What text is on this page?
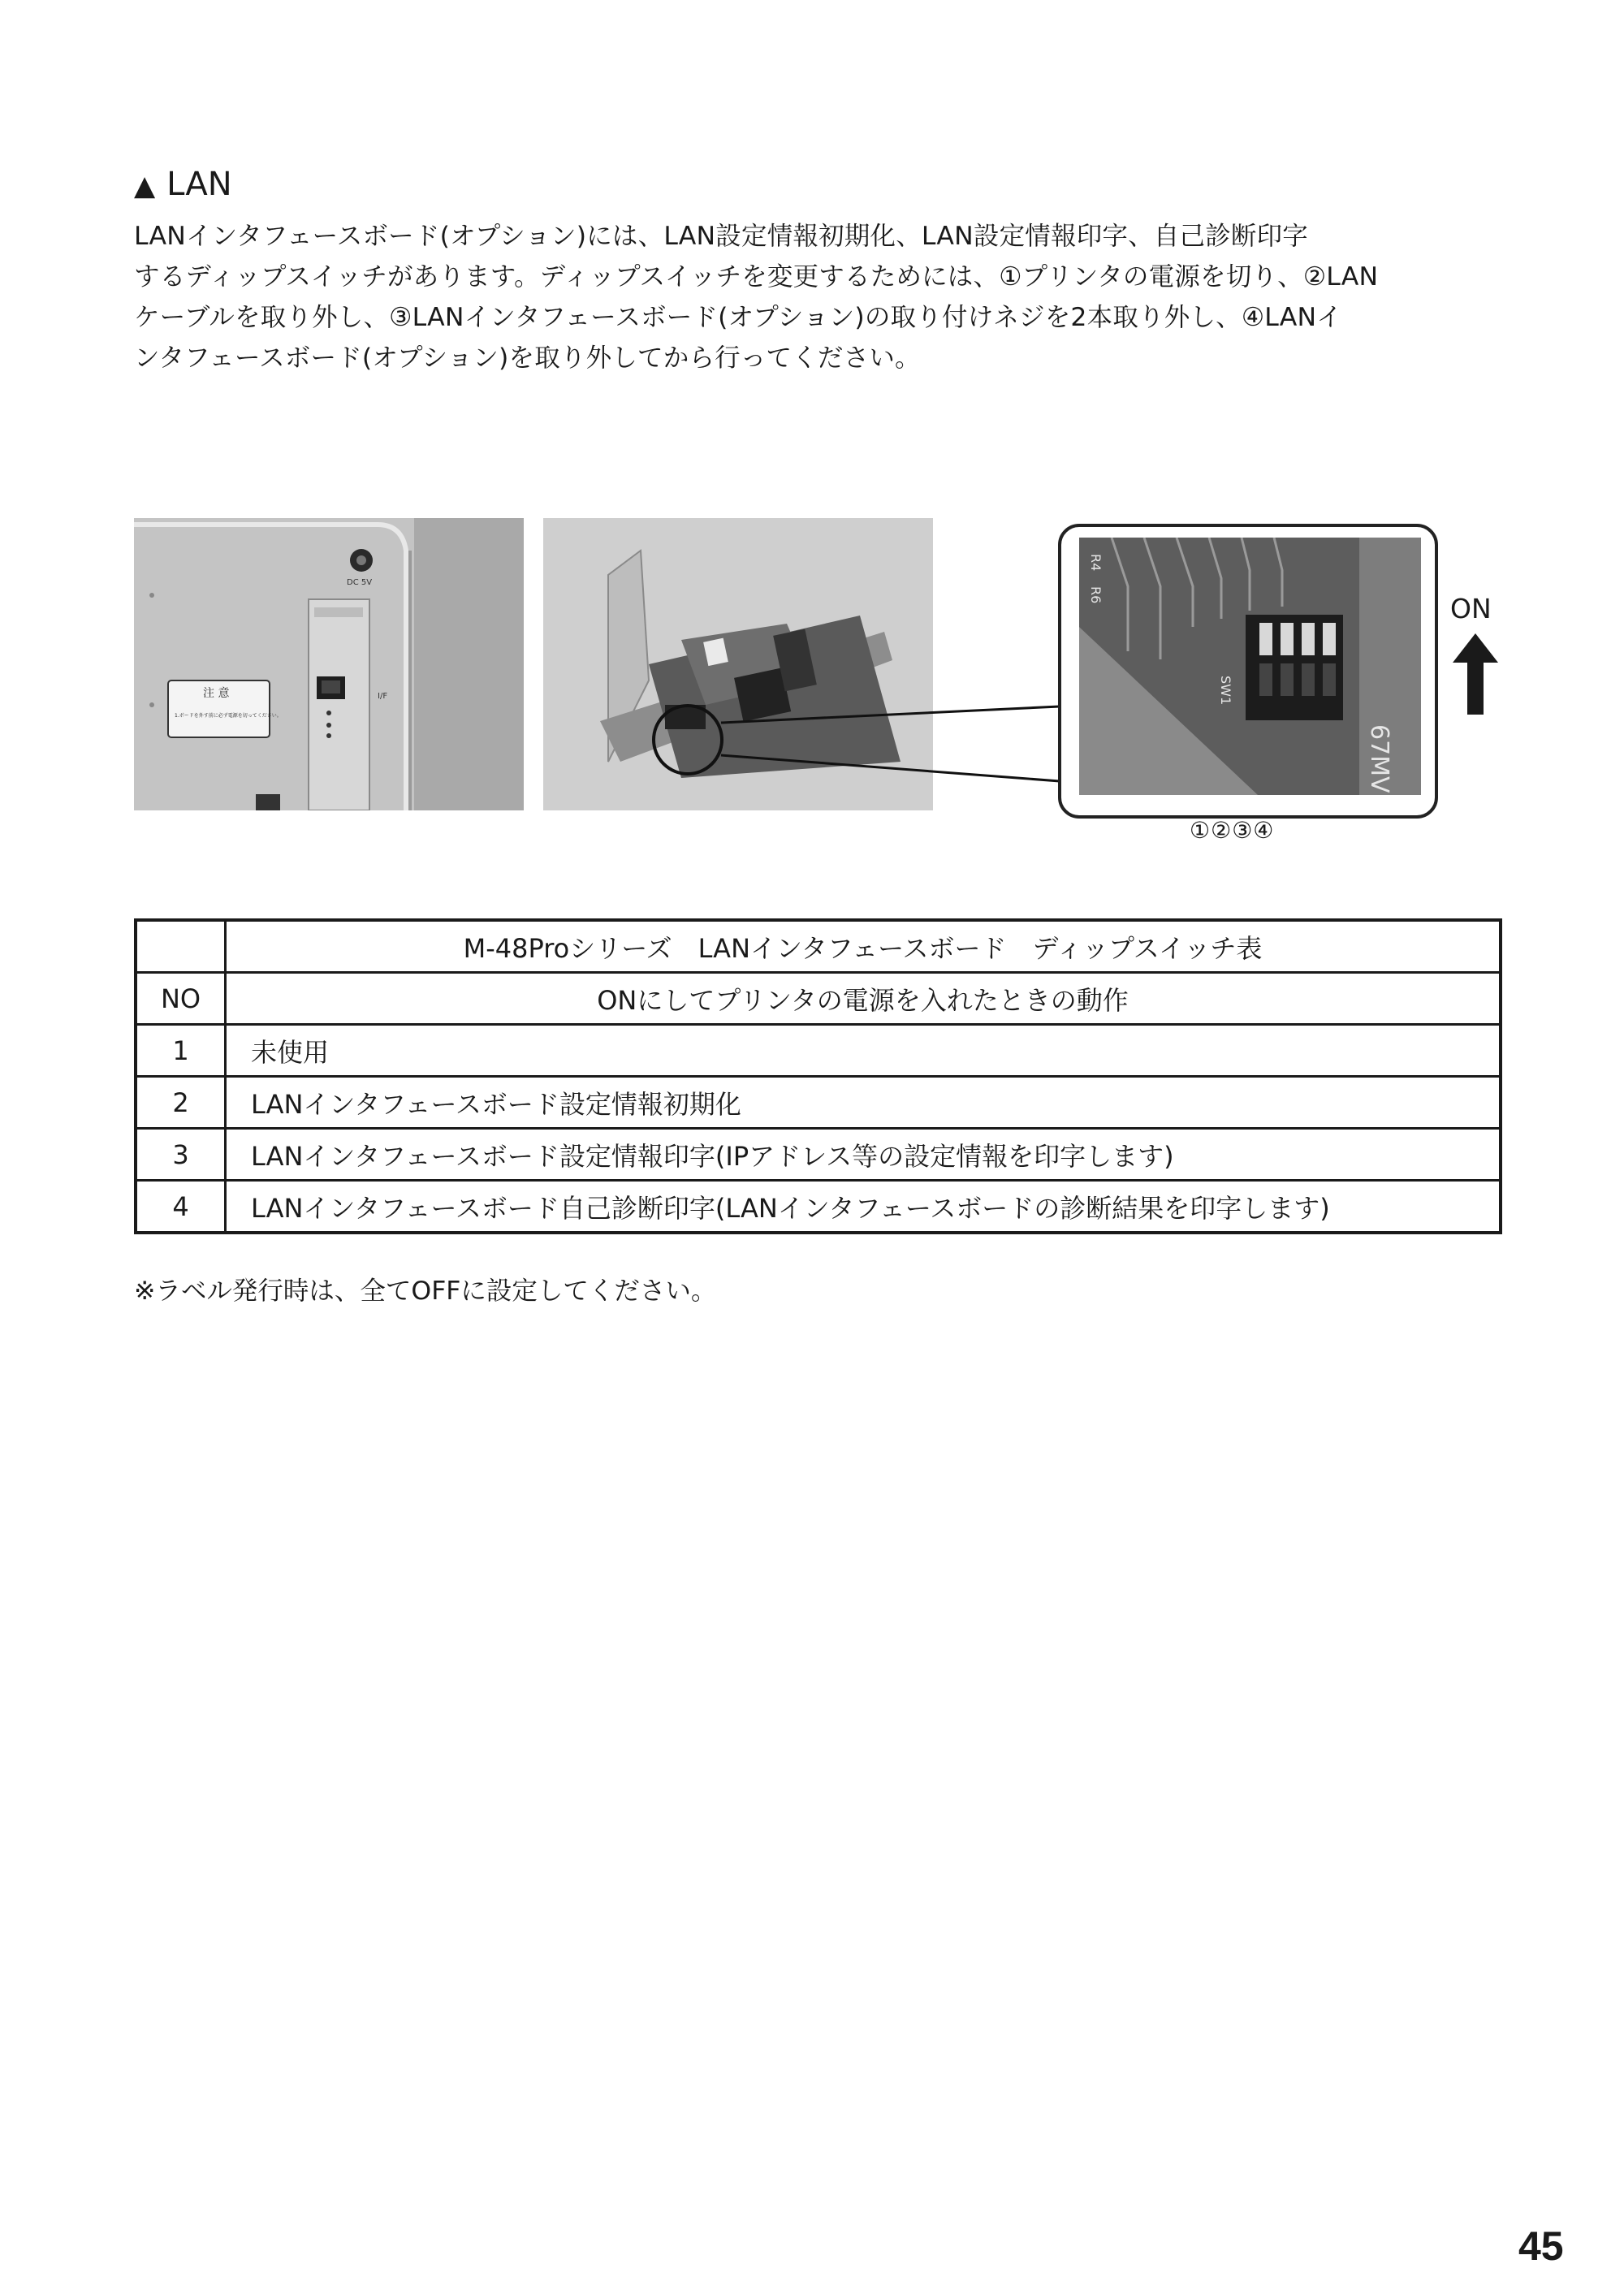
▲ LAN
LANインタフェースボード(オプション)には、LAN設定情報初期化、LAN設定情報印字、自己診断印字
するディップスイッチがあります。ディップスイッチを変更するためには、①プリンタの電源を切り、②LAN
ケーブルを取り外し、③LANインタフェースボード(オプション)の取り付けネジを2本取り外し、④LANイ
ンタフェースボード(オプション)を取り外してから行ってください。
DC 5V
I/F
注 意
1.ボードを外す前に必ず電源を切ってください。
67MV
SW1
R4
R6	ON
①②③④
	M-48Proシリーズ　LANインタフェースボード　ディップスイッチ表
NO	ONにしてプリンタの電源を入れたときの動作
1	未使用
2	LANインタフェースボード設定情報初期化
3	LANインタフェースボード設定情報印字(IPアドレス等の設定情報を印字します)
4	LANインタフェースボード自己診断印字(LANインタフェースボードの診断結果を印字します)
※ラベル発行時は、全てOFFに設定してください。
45
